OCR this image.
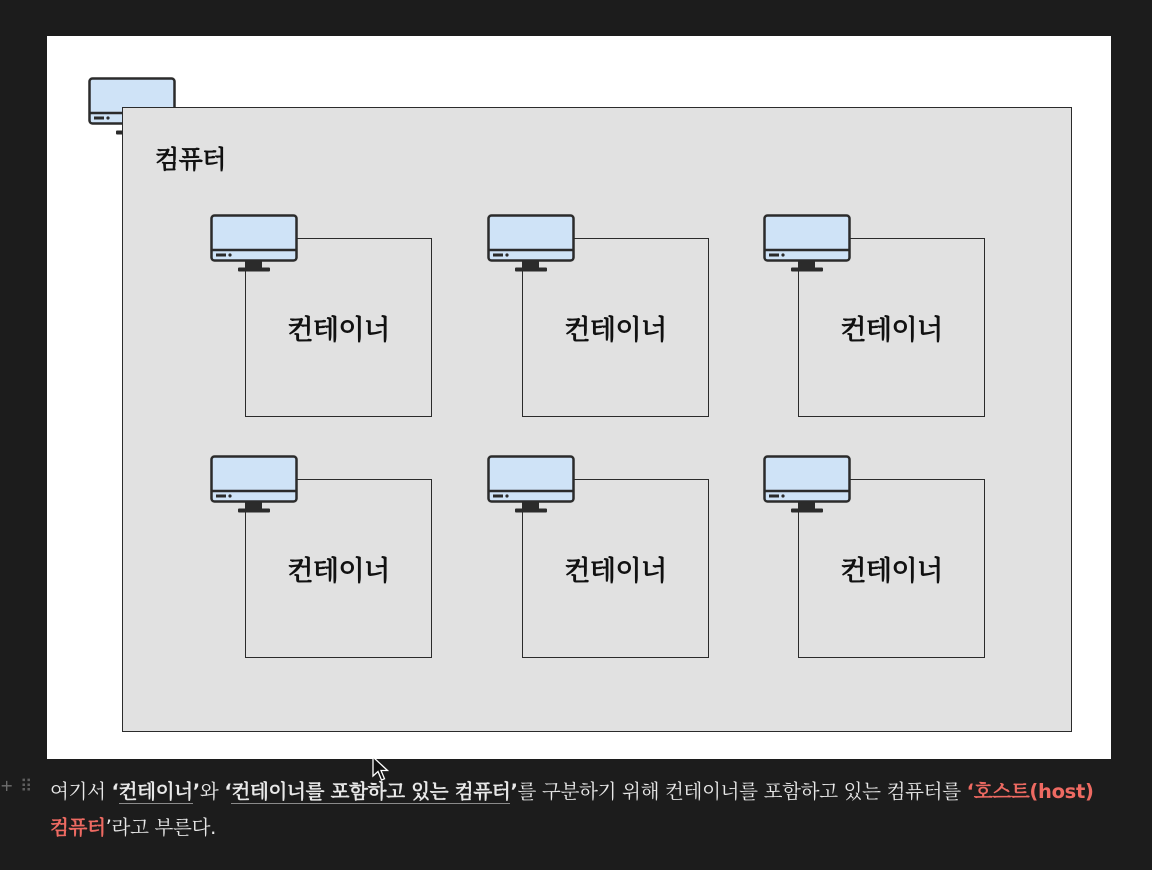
컴퓨터
컨테이너	컨테이너	컨테이너
컨테이너	컨테이너	컨테이너
+ ⠿ 여기서 ‘컨테이너’와 ‘컨테이너를 포함하고 있는 컴퓨터’를 구분하기 위해 컨테이너를 포함하고 있는 컴퓨터를 ‘호스트(host) 컴퓨터’라고 부른다.
